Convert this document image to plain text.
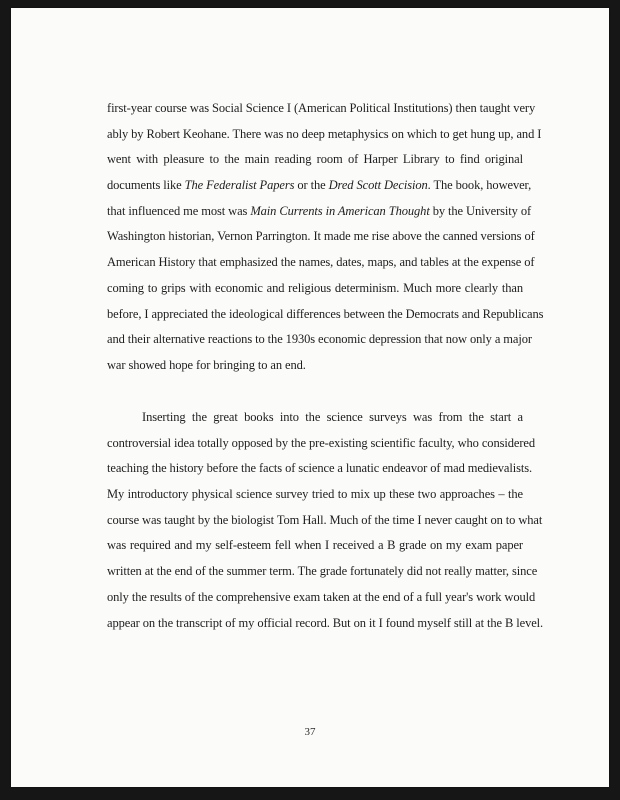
first-year course was Social Science I (American Political Institutions) then taught very
ably by Robert Keohane. There was no deep metaphysics on which to get hung up, and I
went with pleasure to the main reading room of Harper Library to find original
documents like The Federalist Papers or the Dred Scott Decision. The book, however,
that influenced me most was Main Currents in American Thought by the University of
Washington historian, Vernon Parrington. It made me rise above the canned versions of
American History that emphasized the names, dates, maps, and tables at the expense of
coming to grips with economic and religious determinism. Much more clearly than
before, I appreciated the ideological differences between the Democrats and Republicans
and their alternative reactions to the 1930s economic depression that now only a major
war showed hope for bringing to an end.
Inserting the great books into the science surveys was from the start a
controversial idea totally opposed by the pre-existing scientific faculty, who considered
teaching the history before the facts of science a lunatic endeavor of mad medievalists.
My introductory physical science survey tried to mix up these two approaches – the
course was taught by the biologist Tom Hall. Much of the time I never caught on to what
was required and my self-esteem fell when I received a B grade on my exam paper
written at the end of the summer term. The grade fortunately did not really matter, since
only the results of the comprehensive exam taken at the end of a full year's work would
appear on the transcript of my official record. But on it I found myself still at the B level.
37
